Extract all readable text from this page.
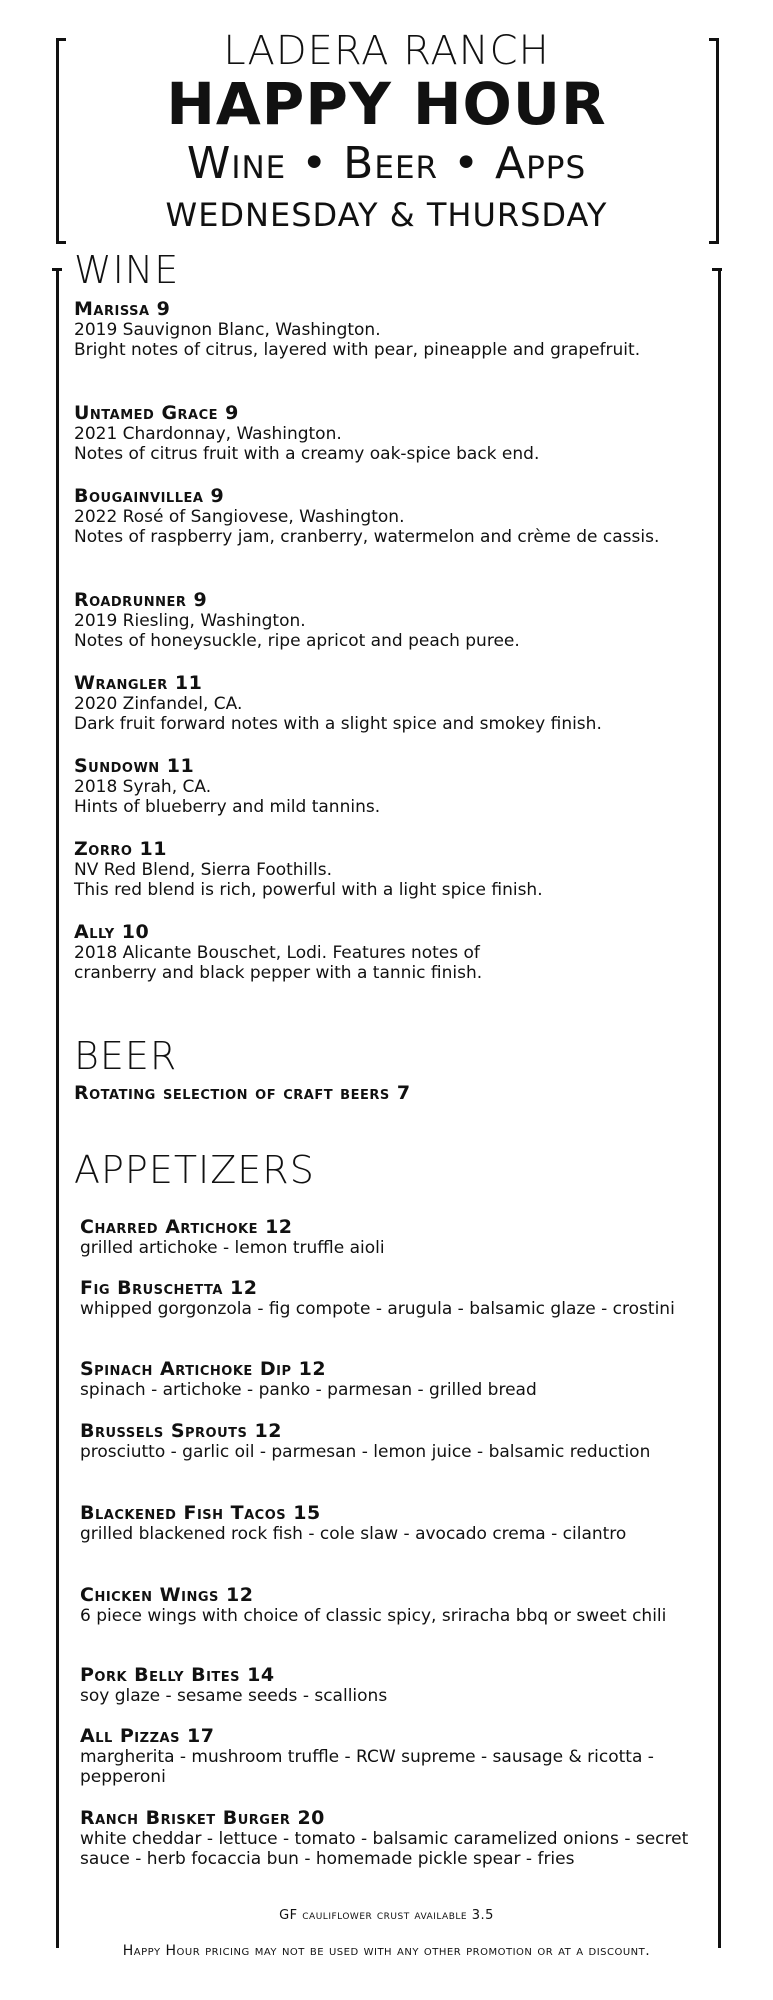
LADERA RANCH
HAPPY HOUR
Wine • Beer • Apps
WEDNESDAY & THURSDAY
WINE
Marissa 9
2019 Sauvignon Blanc, Washington.
Bright notes of citrus, layered with pear, pineapple and grapefruit.
Untamed Grace 9
2021 Chardonnay, Washington.
Notes of citrus fruit with a creamy oak-spice back end.
Bougainvillea 9
2022 Rosé of Sangiovese, Washington.
Notes of raspberry jam, cranberry, watermelon and crème de cassis.
Roadrunner 9
2019 Riesling, Washington.
Notes of honeysuckle, ripe apricot and peach puree.
Wrangler 11
2020 Zinfandel, CA.
Dark fruit forward notes with a slight spice and smokey finish.
Sundown 11
2018 Syrah, CA.
Hints of blueberry and mild tannins.
Zorro 11
NV Red Blend, Sierra Foothills.
This red blend is rich, powerful with a light spice finish.
Ally 10
2018 Alicante Bouschet, Lodi. Features notes of
cranberry and black pepper with a tannic finish.
BEER
Rotating selection of craft beers 7
APPETIZERS
Charred Artichoke 12
grilled artichoke - lemon truffle aioli
Fig Bruschetta 12
whipped gorgonzola - fig compote - arugula - balsamic glaze - crostini
Spinach Artichoke Dip 12
spinach - artichoke - panko - parmesan - grilled bread
Brussels Sprouts 12
prosciutto - garlic oil - parmesan - lemon juice - balsamic reduction
Blackened Fish Tacos 15
grilled blackened rock fish - cole slaw - avocado crema - cilantro
Chicken Wings 12
6 piece wings with choice of classic spicy, sriracha bbq or sweet chili
Pork Belly Bites 14
soy glaze - sesame seeds - scallions
All Pizzas 17
margherita - mushroom truffle - RCW supreme - sausage & ricotta - pepperoni
Ranch Brisket Burger 20
white cheddar - lettuce - tomato - balsamic caramelized onions - secret sauce - herb focaccia bun - homemade pickle spear - fries
GF cauliflower crust available 3.5
Happy Hour pricing may not be used with any other promotion or at a discount.
